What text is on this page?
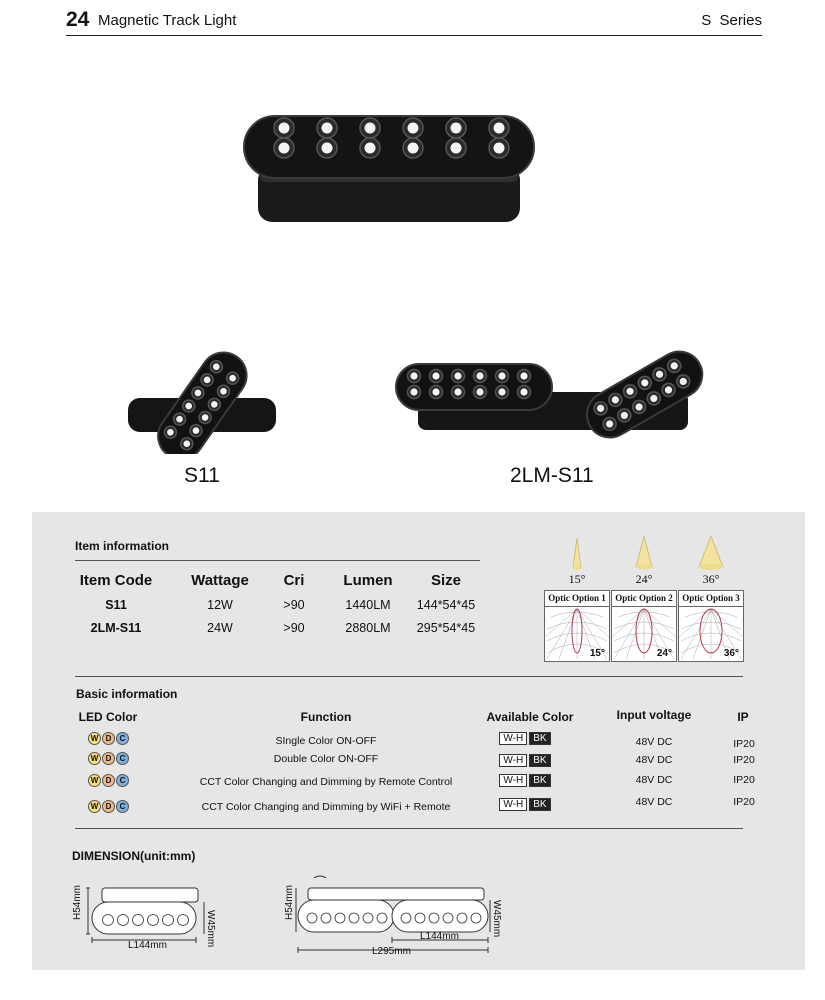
24 Magnetic Track Light	S Series
S11	2LM-S11
Item information
Item Code	Wattage	Cri	Lumen	Size
S11	12W	>90	1440LM	144*54*45
2LM-S11	24W	>90	2880LM	295*54*45
15°
Optic Option 1
15°
24°
Optic Option 2
24°
36°
Optic Option 3
36°
Basic information
LED Color	Function	Available Color	Input voltage	IP
W D C	SIngle Color ON-OFF	W-H BK	48V DC	IP20
W D C	Double Color ON-OFF	W-H BK	48V DC	IP20
W D C	CCT Color Changing and Dimming by Remote Control	W-H BK	48V DC	IP20
W D C	CCT Color Changing and Dimming by WiFi + Remote	W-H BK	48V DC	IP20
DIMENSION(unit:mm)
H54mm
W45mm
L144mm
H54mm	W45mm
L144mm
L295mm
